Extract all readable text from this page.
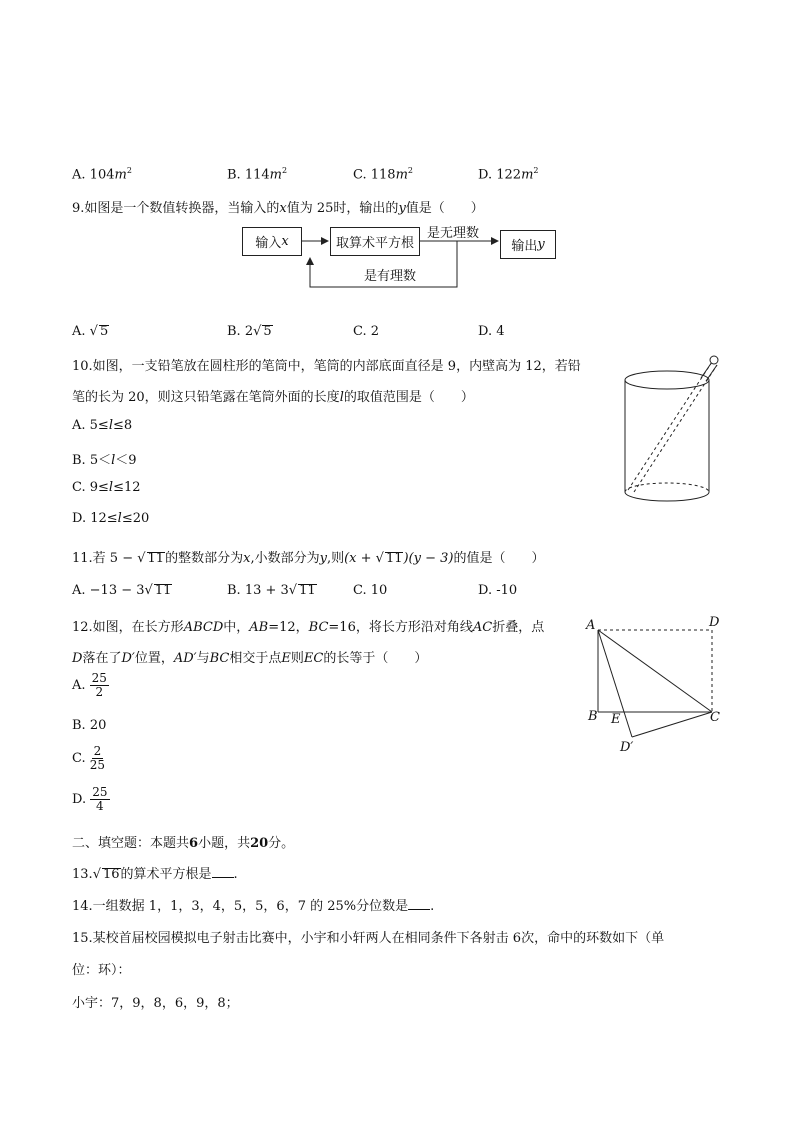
A. $104m^2$	B. $114m^2$	C. $118m^2$	D. $122m^2$
9.如图是一个数值转换器，当输入的x值为 25时，输出的y值是（　　）
输入 x	取算术平方根	输出 y
是无理数
是有理数
A. √ 5	B. 2√ 5	C. 2	D. 4
10.如图，一支铅笔放在圆柱形的笔筒中，笔筒的内部底面直径是 9，内壁高为 12，若铅
笔的长为 20，则这只铅笔露在笔筒外面的长度l的取值范围是（　　）
A. 5≤l≤8
B. 5＜l＜9
C. 9≤l≤12
D. 12≤l≤20
11.若 5 − √ 11的整数部分为x,小数部分为y,则(x + √ 11)(y − 3)的值是（　　）
A. −13 − 3√ 11	B. 13 + 3√ 11	C. 10	D. -10
12.如图，在长方形ABCD中，AB=12，BC=16，将长方形沿对角线AC折叠，点
D落在了D′位置，AD′与BC相交于点E则EC的长等于（　　）
A. $\frac{25}{2}$
B. 20
C. $\frac{2}{25}$
D. $\frac{25}{4}$
A	D
B E	C
D′
二、填空题：本题共6小题，共20分。
13.√ 16的算术平方根是 .
14.一组数据 1，1，3，4，5，5，6，7 的 25%分位数是 .
15.某校首届校园模拟电子射击比赛中，小宇和小轩两人在相同条件下各射击 6次，命中的环数如下（单
位：环）：
小宇：7，9，8，6，9，8；
